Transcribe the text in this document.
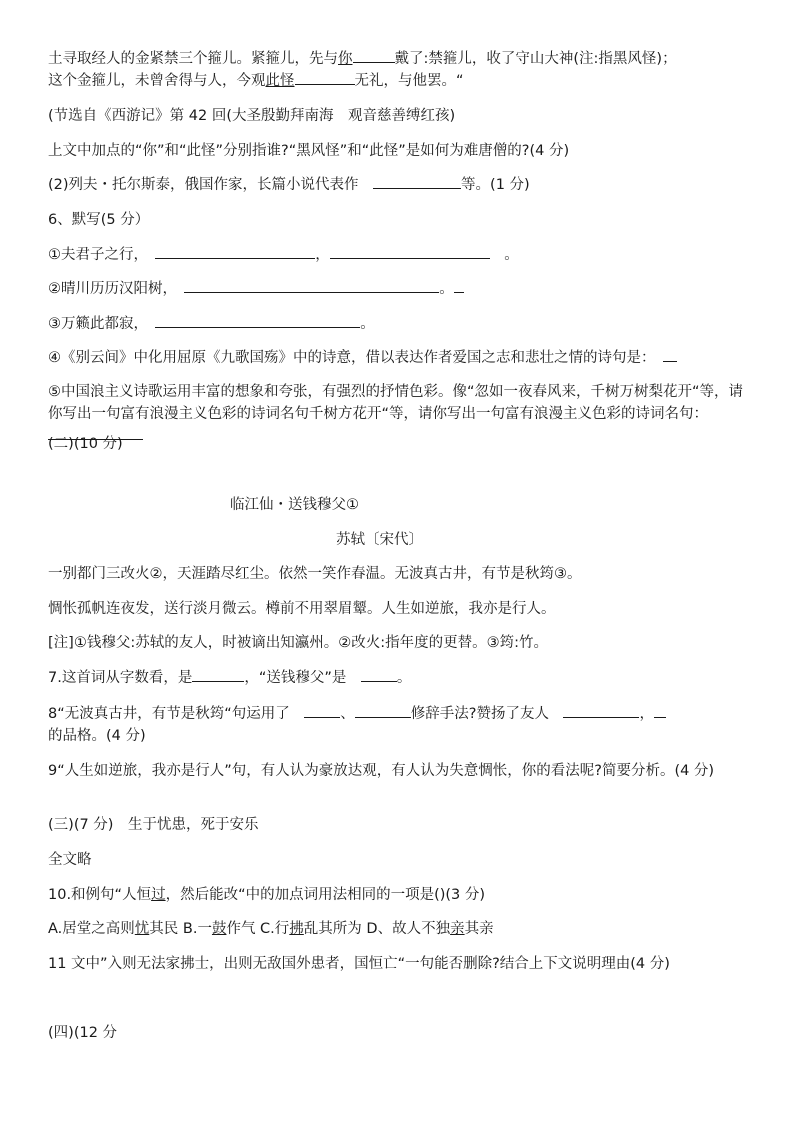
土寻取经人的金紧禁三个箍儿。紧箍儿，先与你	戴了:禁箍儿，收了守山大神(注:指黑风怪)；
这个金箍儿，未曾舍得与人，今观此怪	无礼，与他罢。“
(节选自《西游记》第 42 回(大圣殷勤拜南海　观音慈善缚红孩)
上文中加点的“你”和“此怪”分别指谁?“黑风怪”和“此怪”是如何为难唐僧的?(4 分)
(2)列夫・托尔斯泰，俄国作家，长篇小说代表作　	等。(1 分)
6、默写(5 分）
①夫君子之行，　	，　	。
②晴川历历汉阳树，　	。
③万籁此都寂，　	。
④《别云间》中化用屈原《九歌国殇》中的诗意，借以表达作者爱国之志和悲壮之情的诗句是：　
⑤中国浪主义诗歌运用丰富的想象和夸张，有强烈的抒情色彩。像“忽如一夜春风来，千树万树梨花开“等，请你写出一句富有浪漫主义色彩的诗词名句千树方花开“等，请你写出一句富有浪漫主义色彩的诗词名句：
(二)(10 分)
临江仙・送钱穆父①
苏轼〔宋代〕
一别都门三改火②，天涯踏尽红尘。依然一笑作春温。无波真古井，有节是秋筠③。
惆怅孤帆连夜发，送行淡月微云。樽前不用翠眉颦。人生如逆旅，我亦是行人。
[注]①钱穆父:苏轼的友人，时被谪出知瀛州。②改火:指年度的更替。③筠:竹。
7.这首词从字数看，是	，“送钱穆父”是　	。
8“无波真古井，有节是秋筠“句运用了　	、	修辞手法?赞扬了友人　	，
的品格。(4 分)
9“人生如逆旅，我亦是行人”句，有人认为豪放达观，有人认为失意惆怅，你的看法呢?简要分析。(4 分)
(三)(7 分)　生于忧患，死于安乐
全文略
10.和例句“人恒过，然后能改“中的加点词用法相同的一项是()(3 分)
A.居堂之高则忧其民 B.一鼓作气 C.行拂乱其所为 D、故人不独亲其亲
11 文中”入则无法家拂士，出则无敌国外患者，国恒亡“一句能否删除?结合上下文说明理由(4 分)
(四)(12 分
